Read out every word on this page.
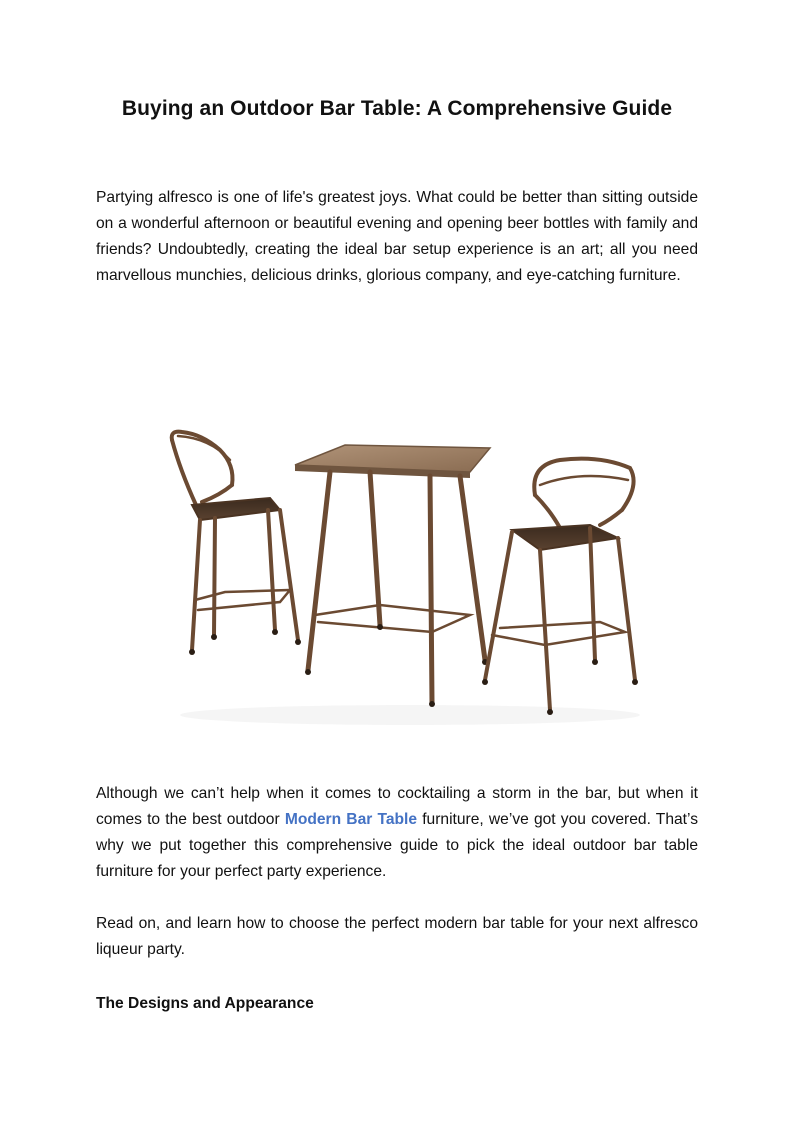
Buying an Outdoor Bar Table: A Comprehensive Guide

Partying alfresco is one of life's greatest joys. What could be better than sitting outside on a wonderful afternoon or beautiful evening and opening beer bottles with family and friends? Undoubtedly, creating the ideal bar setup experience is an art; all you need marvellous munchies, delicious drinks, glorious company, and eye-catching furniture.

Although we can’t help when it comes to cocktailing a storm in the bar, but when it comes to the best outdoor Modern Bar Table furniture, we’ve got you covered. That’s why we put together this comprehensive guide to pick the ideal outdoor bar table furniture for your perfect party experience.

Read on, and learn how to choose the perfect modern bar table for your next alfresco liqueur party.

The Designs and Appearance
